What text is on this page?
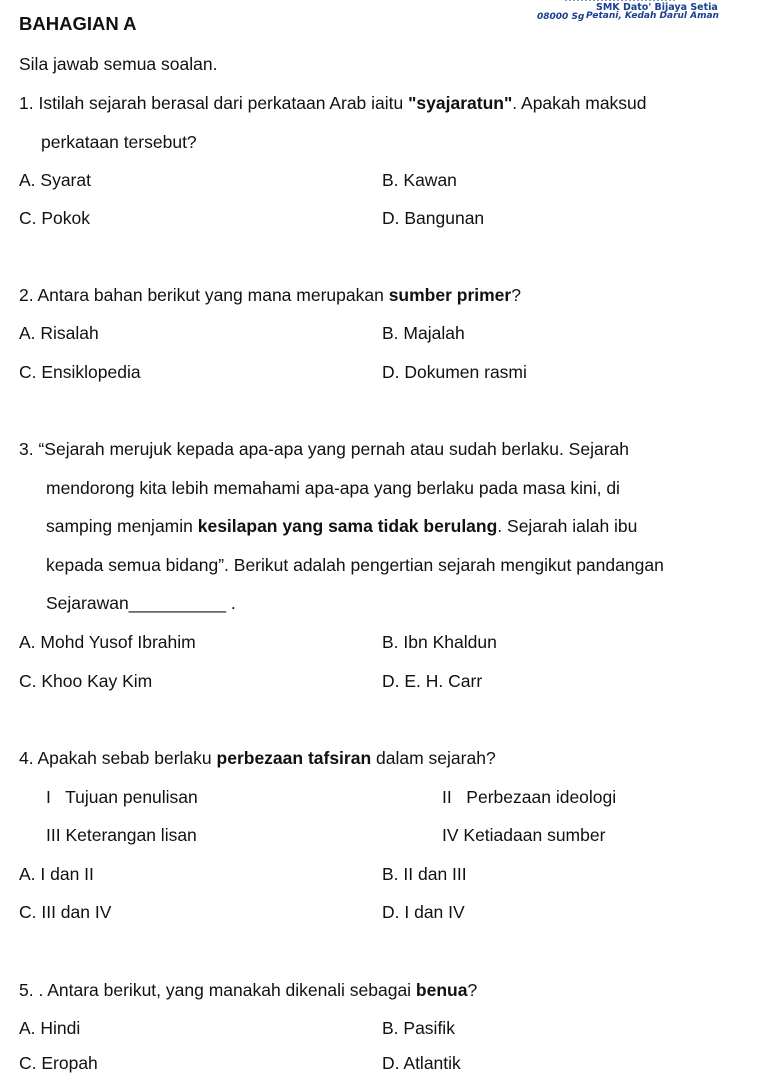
BAHAGIAN A
SMK Dato' Bijaya Setia
08000 Sg Petani, Kedah Darul Aman
Sila jawab semua soalan.
1. Istilah sejarah berasal dari perkataan Arab iaitu "syajaratun". Apakah maksud
perkataan tersebut?
A. Syarat	B. Kawan
C. Pokok	D. Bangunan
2. Antara bahan berikut yang mana merupakan sumber primer?
A. Risalah	B. Majalah
C. Ensiklopedia	D. Dokumen rasmi
3. “Sejarah merujuk kepada apa-apa yang pernah atau sudah berlaku. Sejarah
mendorong kita lebih memahami apa-apa yang berlaku pada masa kini, di
samping menjamin kesilapan yang sama tidak berulang. Sejarah ialah ibu
kepada semua bidang”. Berikut adalah pengertian sejarah mengikut pandangan
Sejarawan__________ .
A. Mohd Yusof Ibrahim	B. Ibn Khaldun
C. Khoo Kay Kim	D. E. H. Carr
4. Apakah sebab berlaku perbezaan tafsiran dalam sejarah?
I   Tujuan penulisan	II   Perbezaan ideologi
III Keterangan lisan	IV Ketiadaan sumber
A. I dan II	B. II dan III
C. III dan IV	D. I dan IV
5. . Antara berikut, yang manakah dikenali sebagai benua?
A. Hindi	B. Pasifik
C. Eropah	D. Atlantik
